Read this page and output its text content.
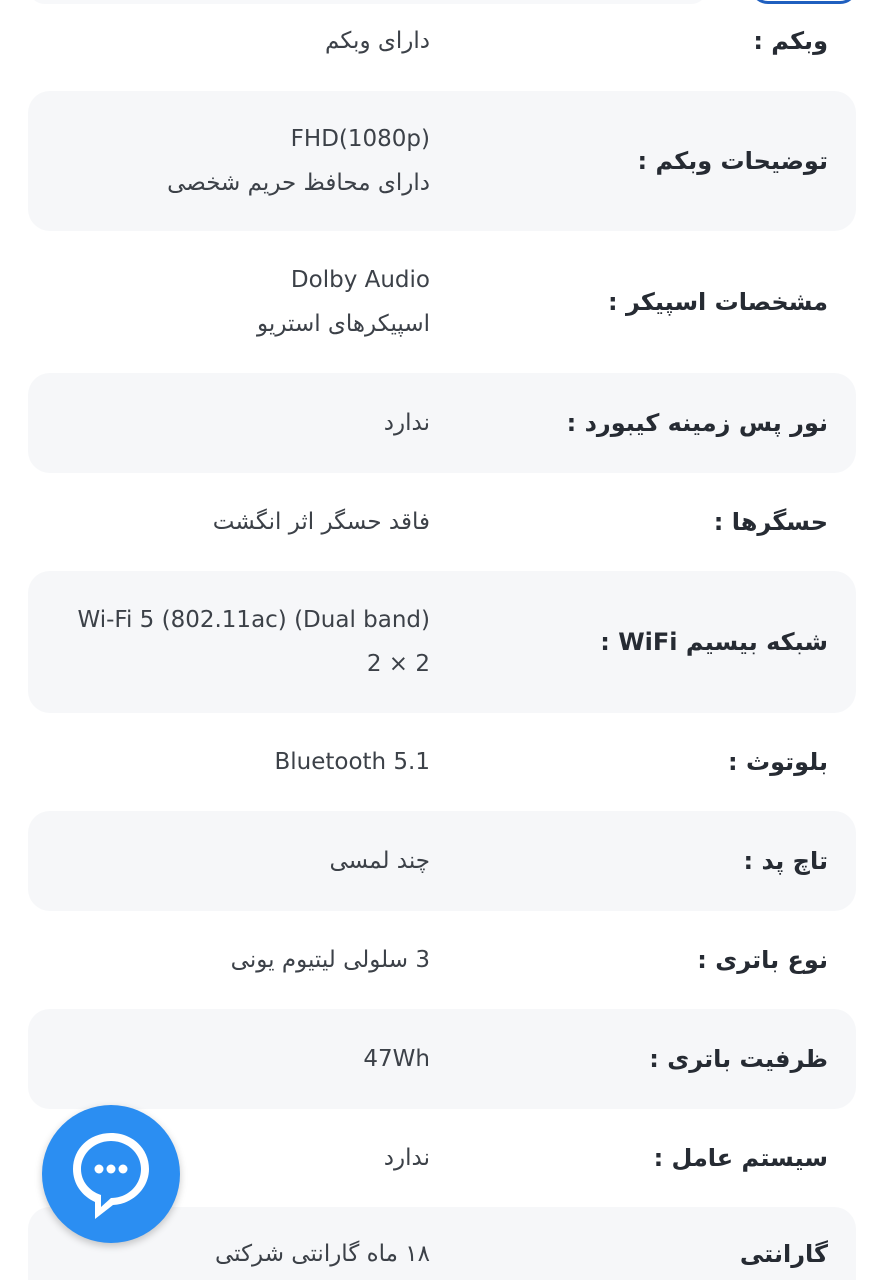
وبکم :
دارای وبکم
توضیحات وبکم :
FHD(1080p)
دارای محافظ حریم شخصی
مشخصات اسپیکر :
Dolby Audio
اسپیکرهای استریو
نور پس زمینه کیبورد :
ندارد
حسگرها :
فاقد حسگر اثر انگشت
شبکه بیسیم WiFi :
Wi-Fi 5 (802.11ac) (Dual band)
2 × 2
بلوتوث :
Bluetooth 5.1
تاچ پد :
چند لمسی
نوع باتری :
3 سلولی لیتیوم یونی
ظرفیت باتری :
47Wh
سیستم عامل :
ندارد
گارانتی
۱۸ ماه گارانتی شرکتی
